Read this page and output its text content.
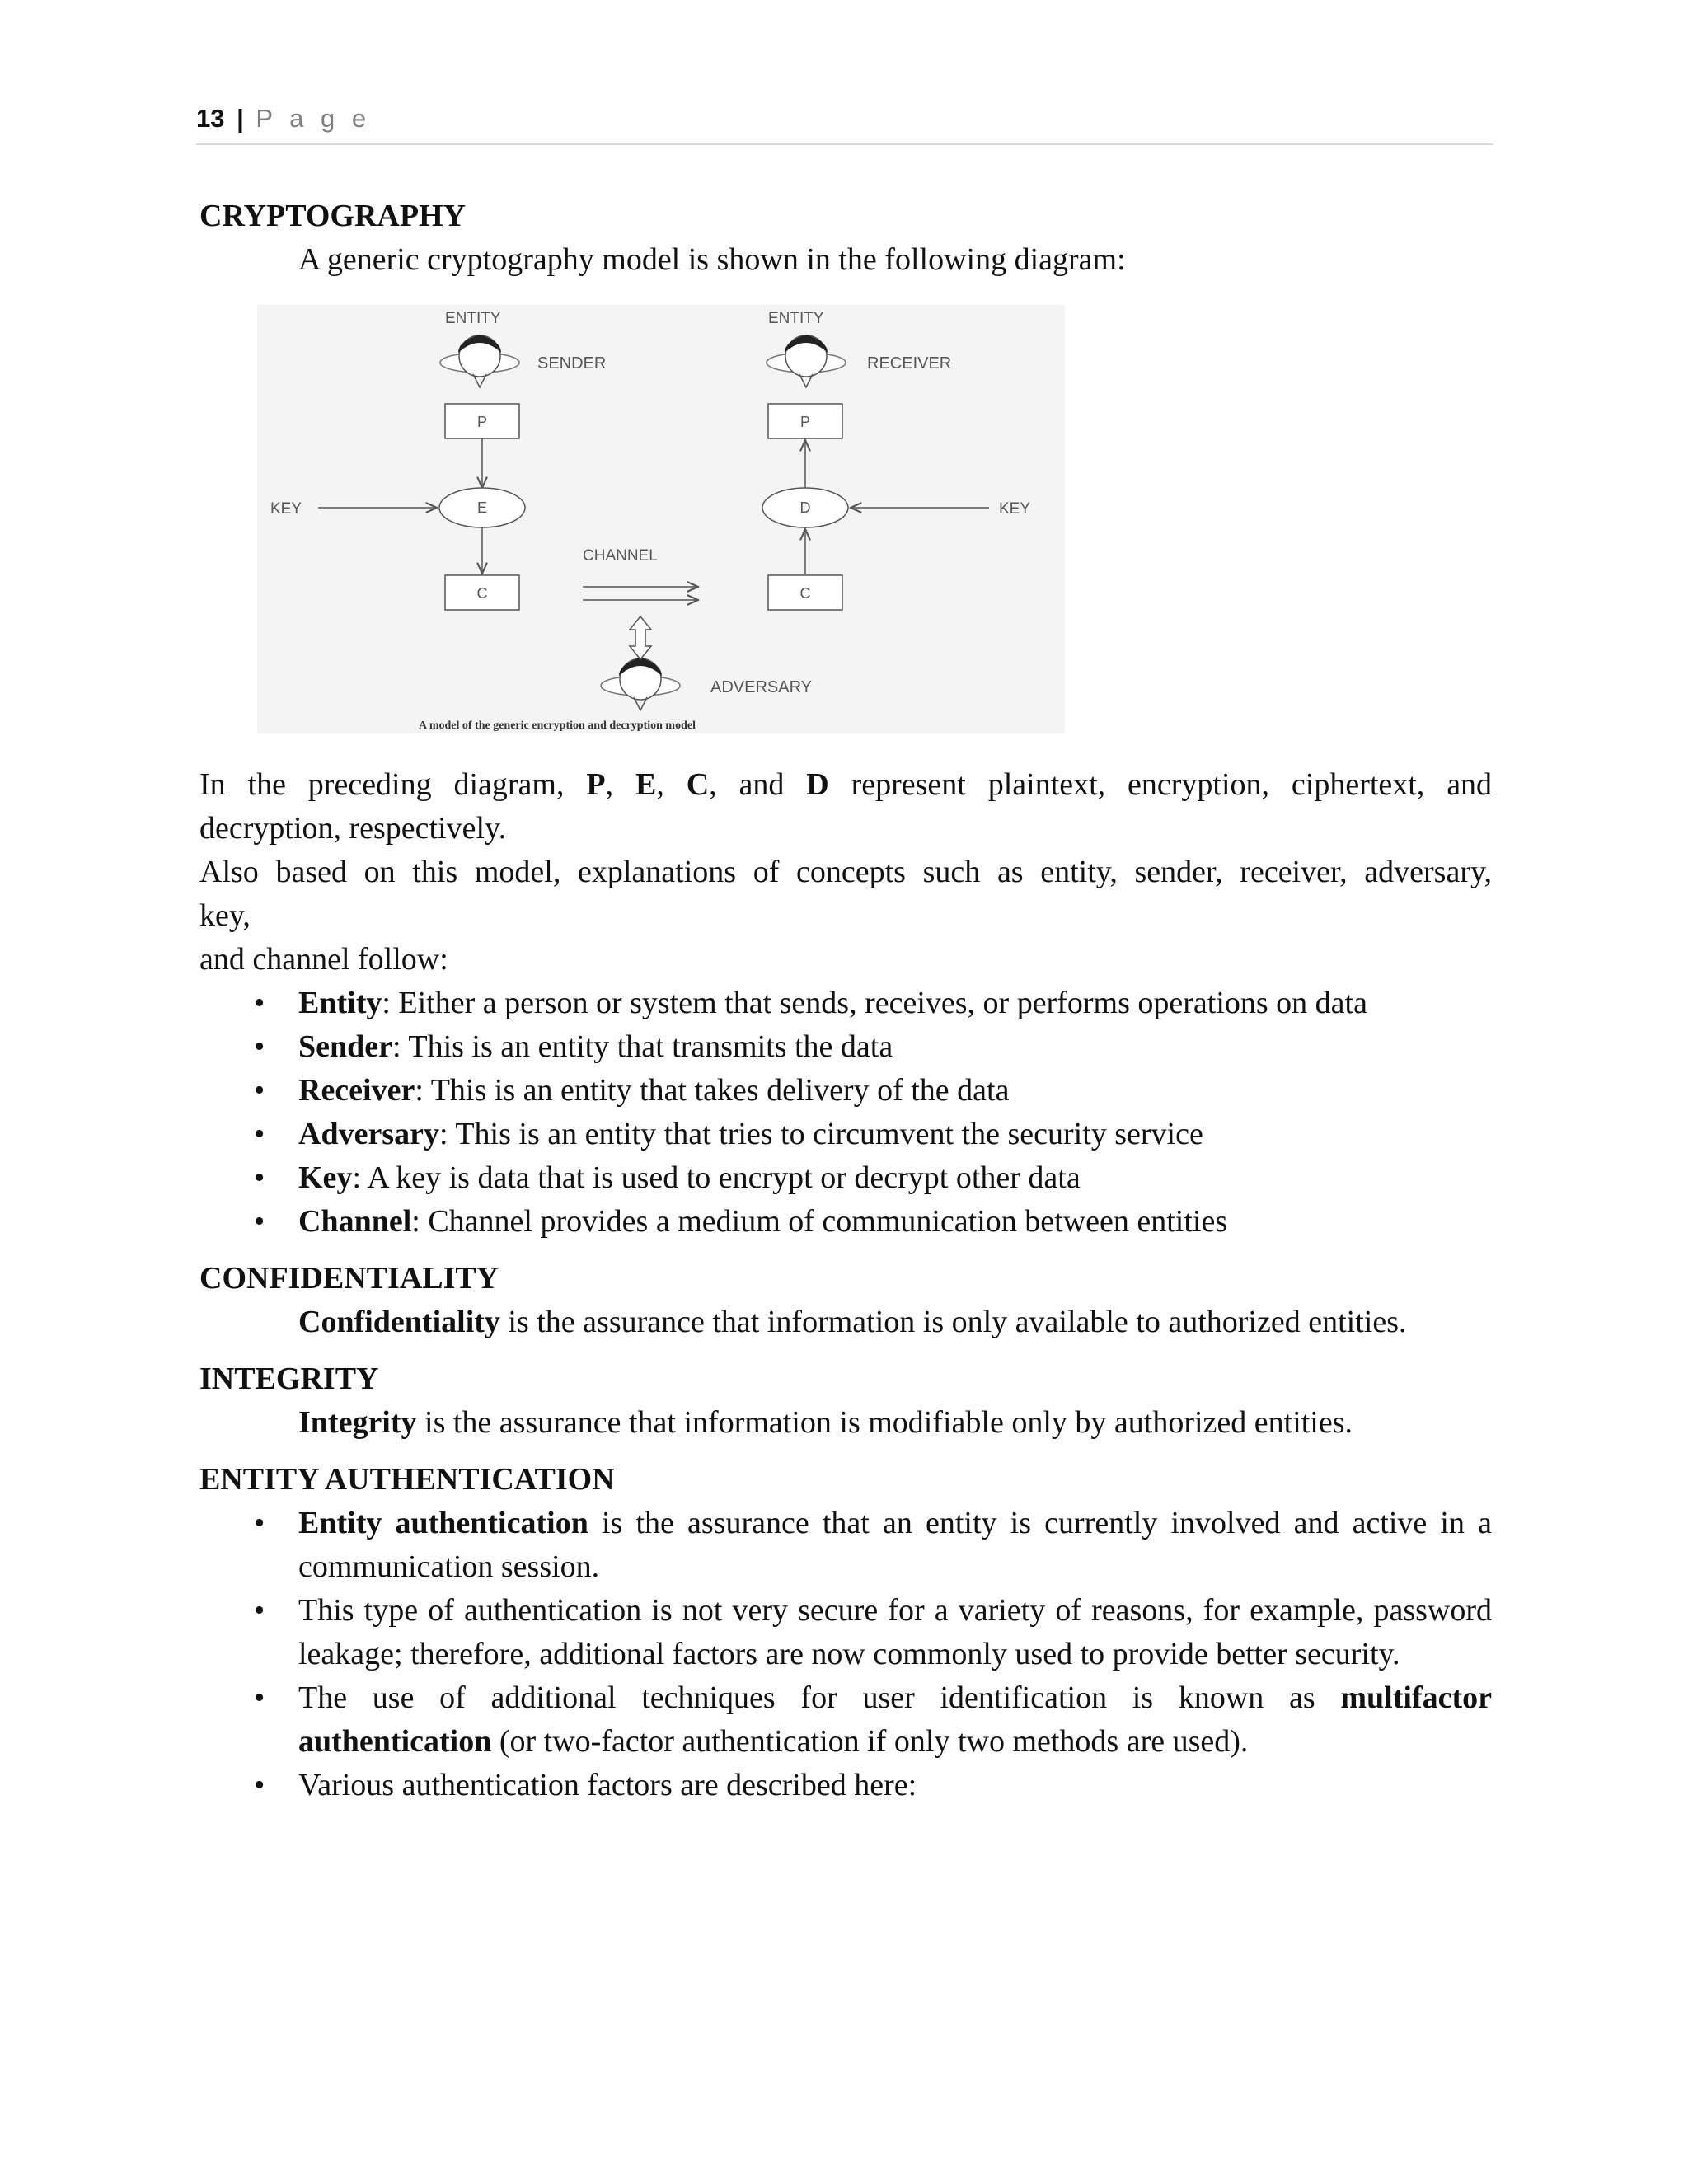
13 | P a g e
CRYPTOGRAPHY

A generic cryptography model is shown in the following diagram:

ENTITY	ENTITY
SENDER	RECEIVER
P
E
C
KEY
P
D
C
KEY
CHANNEL
ADVERSARY
A model of the generic encryption and decryption model

In the preceding diagram, P, E, C, and D represent plaintext, encryption, ciphertext, and

decryption, respectively.

Also based on this model, explanations of concepts such as entity, sender, receiver, adversary,

key,

and channel follow:

• Entity: Either a person or system that sends, receives, or performs operations on data
• Sender: This is an entity that transmits the data
• Receiver: This is an entity that takes delivery of the data
• Adversary: This is an entity that tries to circumvent the security service
• Key: A key is data that is used to encrypt or decrypt other data
• Channel: Channel provides a medium of communication between entities
CONFIDENTIALITY

Confidentiality is the assurance that information is only available to authorized entities.

INTEGRITY

Integrity is the assurance that information is modifiable only by authorized entities.

ENTITY AUTHENTICATION
• Entity authentication is the assurance that an entity is currently involved and active in a communication session.
• This type of authentication is not very secure for a variety of reasons, for example, password leakage; therefore, additional factors are now commonly used to provide better security.
• The use of additional techniques for user identification is known as multifactor authentication (or two-factor authentication if only two methods are used).
• Various authentication factors are described here:
